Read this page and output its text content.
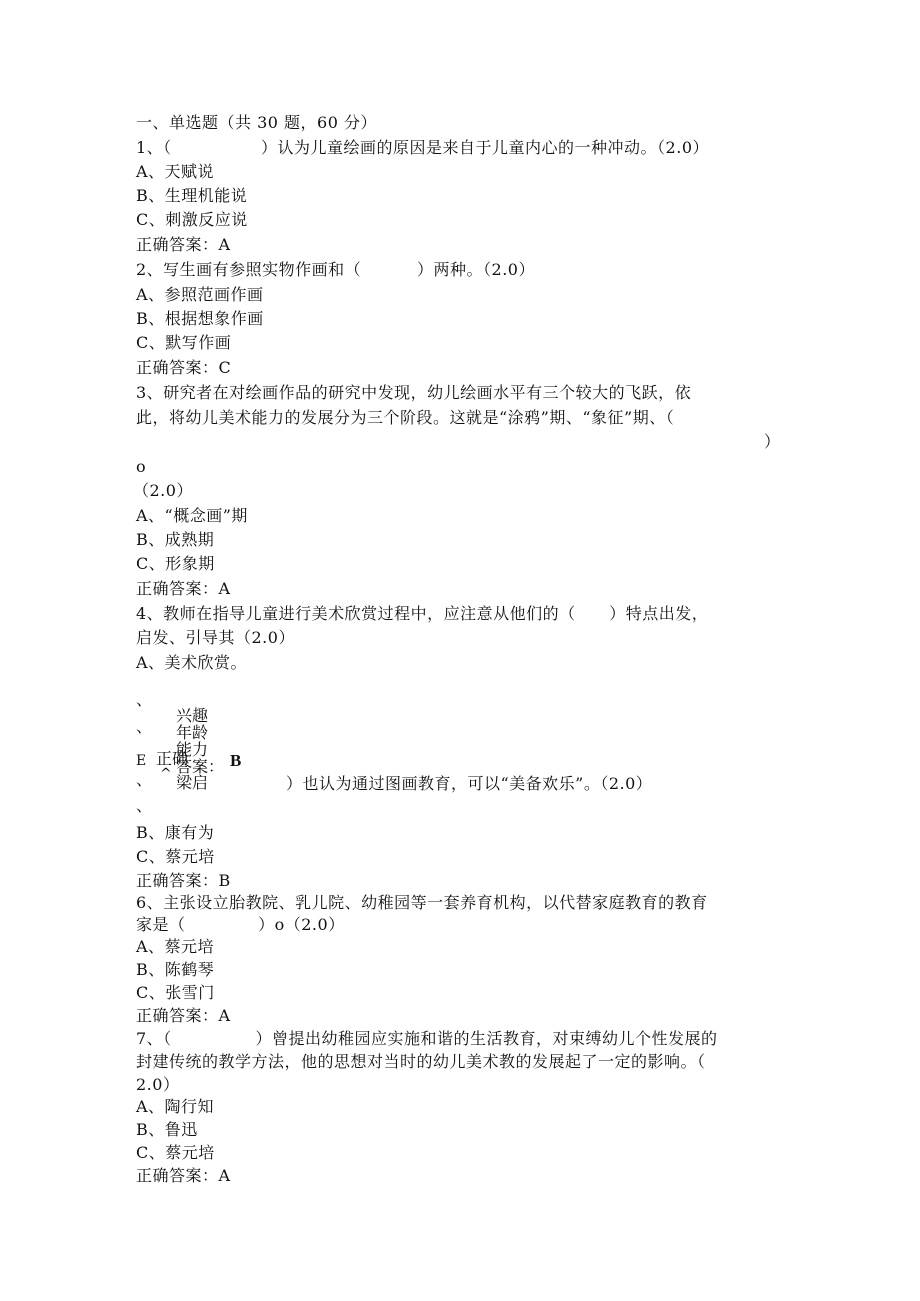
一、单选题（共 30 题，60 分）
1、（                ）认为儿童绘画的原因是来自于儿童内心的一种冲动。（2.0）
A、天赋说
B、生理机能说
C、刺激反应说
正确答案：A
2、写生画有参照实物作画和（          ）两种。（2.0）
A、参照范画作画
B、根据想象作画
C、默写作画
正确答案：C
3、研究者在对绘画作品的研究中发现，幼儿绘画水平有三个较大的飞跃，依
此，将幼儿美术能力的发展分为三个阶段。这就是“涂鸦”期、“象征”期、（
）
o
（2.0）
A、“概念画”期
B、成熟期
C、形象期
正确答案：A
4、教师在指导儿童进行美术欣赏过程中，应注意从他们的（      ）特点出发，
启发、引导其（2.0）
A、美术欣赏。
、
兴趣
、 年龄
能力
E 正确
答案： B
^
、 梁启	）也认为通过图画教育，可以“美备欢乐”。（2.0）
、
B、康有为
C、蔡元培
正确答案：B
6、主张设立胎教院、乳儿院、幼稚园等一套养育机构，以代替家庭教育的教育
家是（             ）o（2.0）
A、蔡元培
B、陈鹤琴
C、张雪门
正确答案：A
7、（               ）曾提出幼稚园应实施和谐的生活教育，对束缚幼儿个性发展的
封建传统的教学方法，他的思想对当时的幼儿美术教的发展起了一定的影响。（
2.0）
A、陶行知
B、鲁迅
C、蔡元培
正确答案：A
